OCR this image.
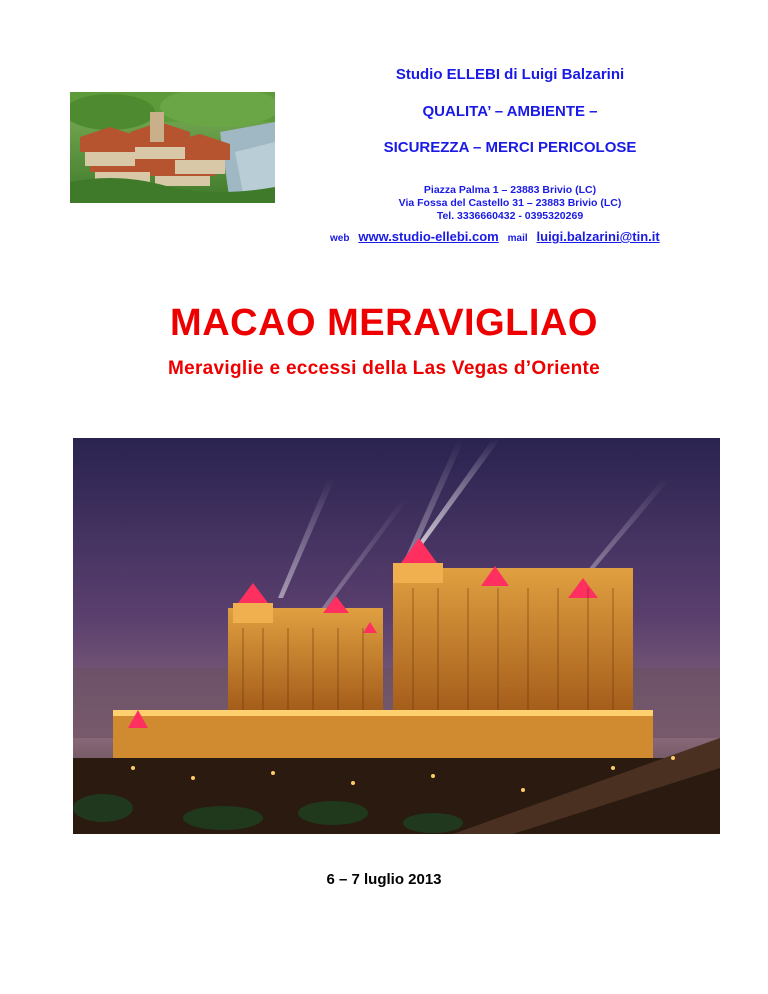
Studio ELLEBI di Luigi Balzarini
QUALITA’ – AMBIENTE –
SICUREZZA – MERCI PERICOLOSE
Piazza Palma 1 – 23883 Brivio (LC)
Via Fossa del Castello 31 – 23883 Brivio (LC)
Tel. 3336660432 - 0395320269
web www.studio-ellebi.com mail luigi.balzarini@tin.it
MACAO MERAVIGLIAO
Meraviglie e eccessi della Las Vegas d’Oriente
6 – 7 luglio 2013
